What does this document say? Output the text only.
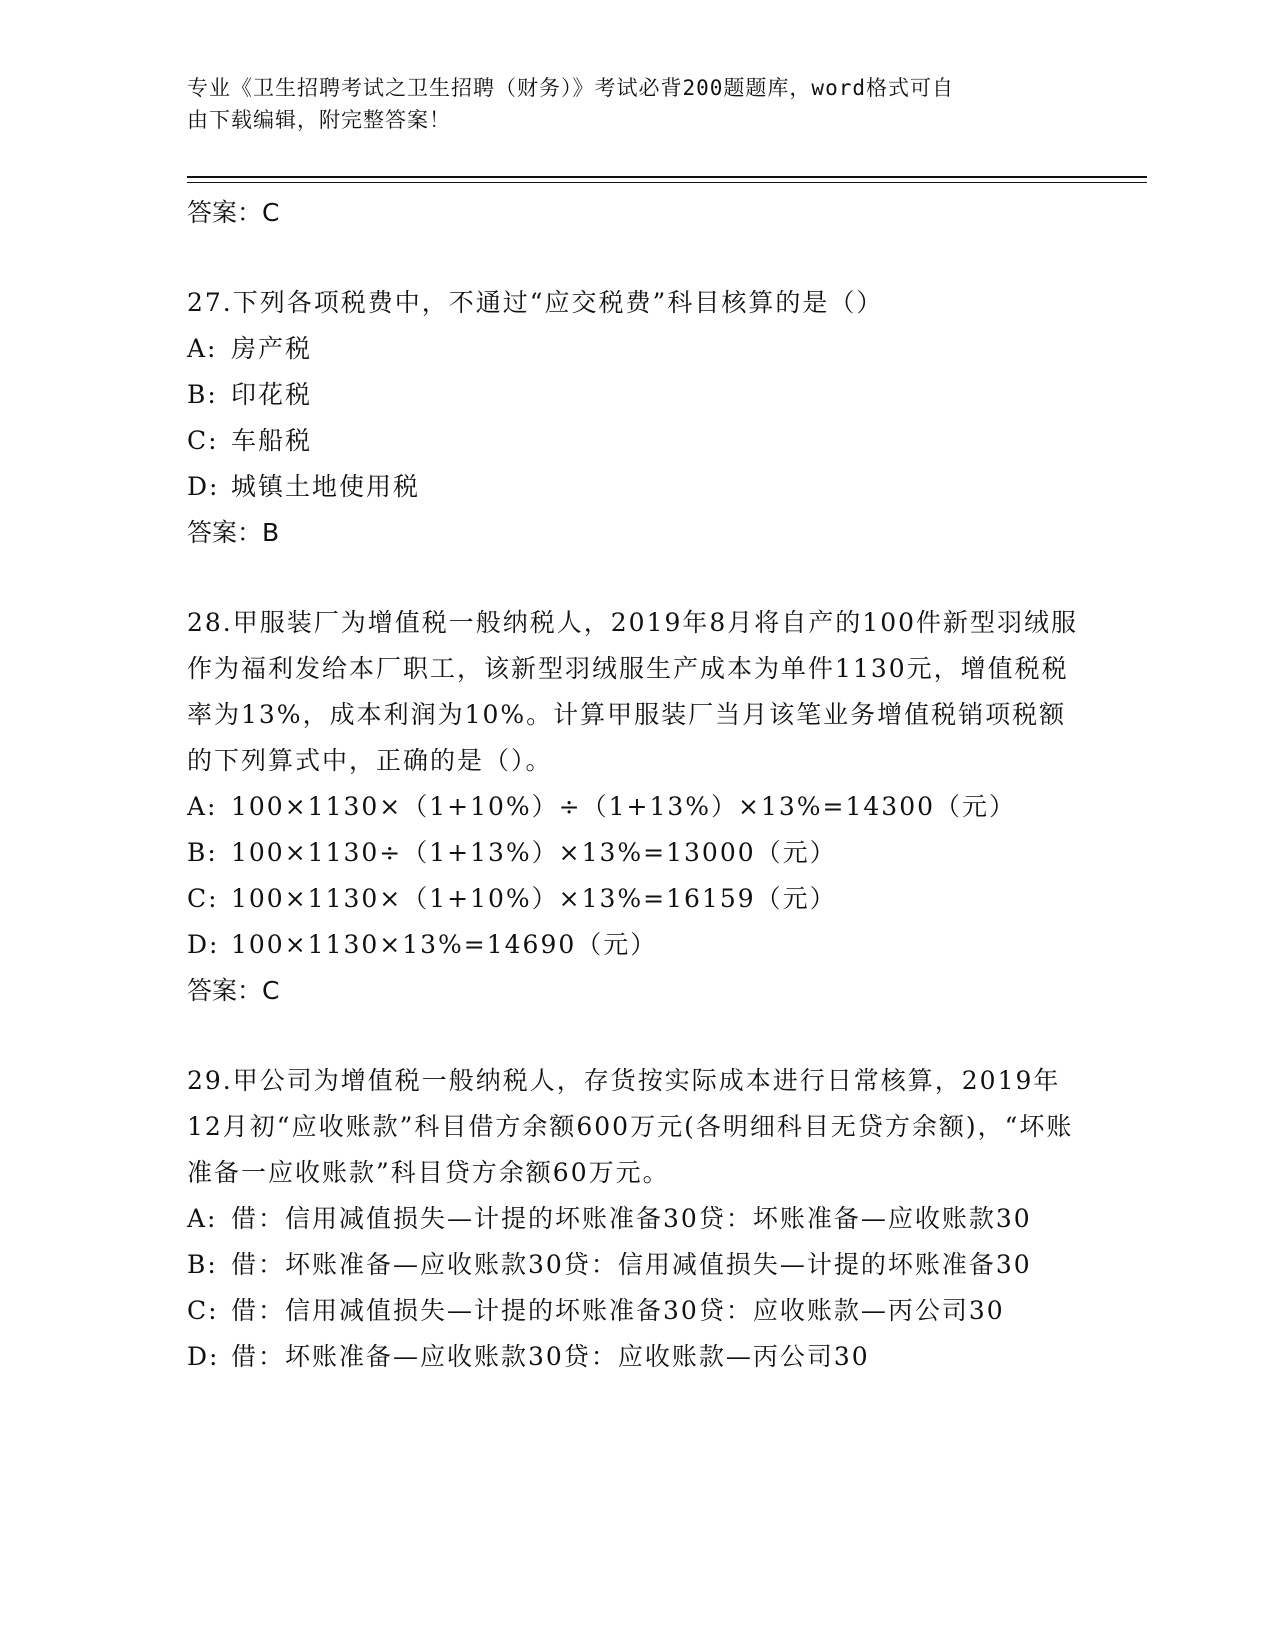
专业《卫生招聘考试之卫生招聘（财务）》考试必背200题题库，word格式可自
由下载编辑，附完整答案！

答案：C

27.下列各项税费中，不通过“应交税费”科目核算的是（）

A: 房产税

B: 印花税

C: 车船税

D: 城镇土地使用税

答案：B

28.甲服装厂为增值税一般纳税人，2019年8月将自产的100件新型羽绒服作为福利发给本厂职工，该新型羽绒服生产成本为单件1130元，增值税税率为13%，成本利润为10%。计算甲服装厂当月该笔业务增值税销项税额的下列算式中，正确的是（）。

A: 100×1130×（1+10%）÷（1+13%）×13%=14300（元）

B: 100×1130÷（1+13%）×13%=13000（元）

C: 100×1130×（1+10%）×13%=16159（元）

D: 100×1130×13%=14690（元）

答案：C

29.甲公司为增值税一般纳税人，存货按实际成本进行日常核算，2019年12月初“应收账款”科目借方余额600万元(各明细科目无贷方余额)，“坏账准备一应收账款”科目贷方余额60万元。

A: 借：信用减值损失—计提的坏账准备30贷：坏账准备—应收账款30

B: 借：坏账准备—应收账款30贷：信用减值损失—计提的坏账准备30

C: 借：信用减值损失—计提的坏账准备30贷：应收账款—丙公司30

D: 借：坏账准备—应收账款30贷：应收账款—丙公司30
